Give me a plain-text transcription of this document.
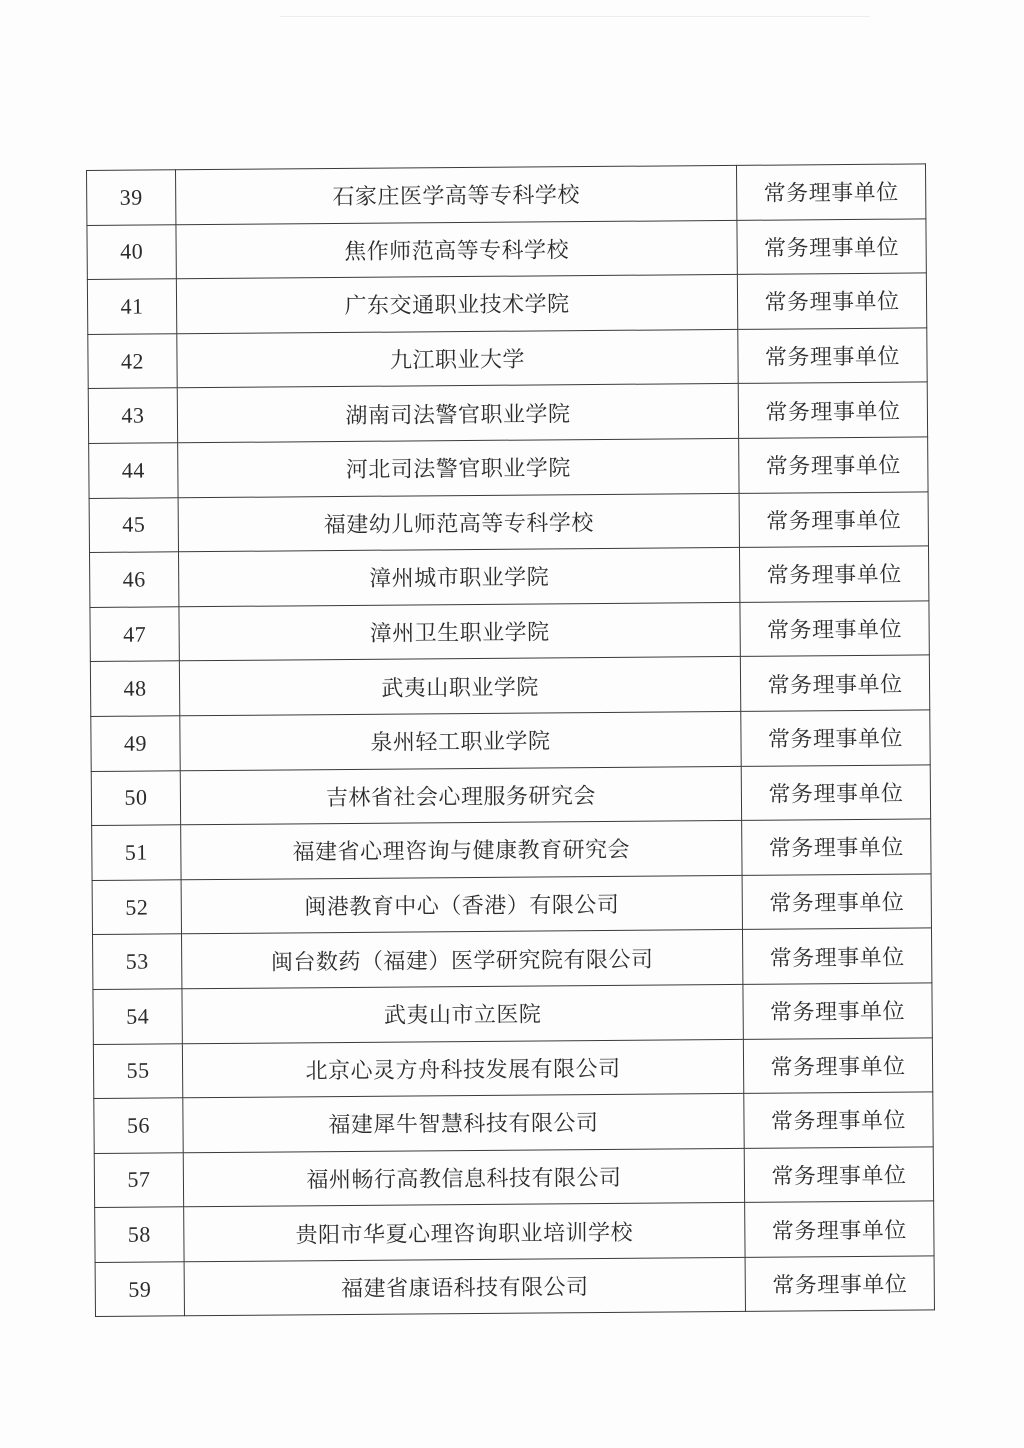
39	石家庄医学高等专科学校	常务理事单位
40	焦作师范高等专科学校	常务理事单位
41	广东交通职业技术学院	常务理事单位
42	九江职业大学	常务理事单位
43	湖南司法警官职业学院	常务理事单位
44	河北司法警官职业学院	常务理事单位
45	福建幼儿师范高等专科学校	常务理事单位
46	漳州城市职业学院	常务理事单位
47	漳州卫生职业学院	常务理事单位
48	武夷山职业学院	常务理事单位
49	泉州轻工职业学院	常务理事单位
50	吉林省社会心理服务研究会	常务理事单位
51	福建省心理咨询与健康教育研究会	常务理事单位
52	闽港教育中心（香港）有限公司	常务理事单位
53	闽台数药（福建）医学研究院有限公司	常务理事单位
54	武夷山市立医院	常务理事单位
55	北京心灵方舟科技发展有限公司	常务理事单位
56	福建犀牛智慧科技有限公司	常务理事单位
57	福州畅行高教信息科技有限公司	常务理事单位
58	贵阳市华夏心理咨询职业培训学校	常务理事单位
59	福建省康语科技有限公司	常务理事单位
